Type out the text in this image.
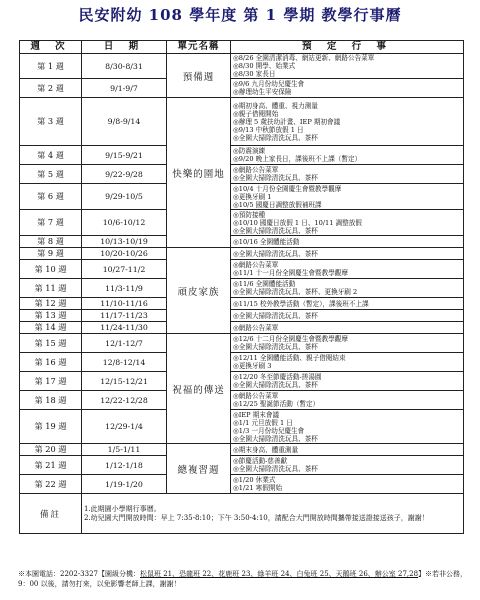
民安附幼 108 學年度 第 1 學期 教學行事曆
週 次	日 期	單元名稱	預 定 行 事
第 1 週	8/30-8/31	預備週	◎8/26 全園清潔消毒、網站更新、網路公告菜單
◎8/30 開學、始業式
◎8/30 家長日

第 2 週	9/1-9/7		◎9/6 九月份幼兒慶生會
◎辦理幼生平安保險

第 3 週	9/8-9/14	快樂的園地	◎期初身高、體重、視力測量
◎親子借閱開始
◎辦理 5 歲扶幼計畫、IEP 期初會議
◎9/13 中秋節放假 1 日
◎全園大掃除清洗玩具、茶杯

第 4 週	9/15-9/21		◎防震演練
◎9/20 晚上家長日，課後班不上課（暫定）

第 5 週	9/22-9/28		◎網路公告菜單
◎全園大掃除清洗玩具、茶杯

第 6 週	9/29-10/5		◎10/4 十月份全園慶生會暨教學觀摩
◎更換牙刷 1
◎10/5 國慶日調整放假補班課

第 7 週	10/6-10/12		◎預防接種
◎10/10 國慶日放假 1 日、10/11 調整放假
◎全園大掃除清洗玩具、茶杯

第 8 週	10/13-10/19		◎10/16 全園體能活動

第 9 週	10/20-10/26	頑皮家族	◎全園大掃除清洗玩具、茶杯

第 10 週	10/27-11/2		◎網路公告菜單
◎11/1 十一月份全園慶生會暨教學觀摩

第 11 週	11/3-11/9		◎11/6 全園體能活動
◎全園大掃除清洗玩具、茶杯、更換牙刷 2

第 12 週	11/10-11/16		◎11/15 校外教學活動（暫定），課後班不上課

第 13 週	11/17-11/23		◎全園大掃除清洗玩具、茶杯

第 14 週	11/24-11/30		◎網路公告菜單

第 15 週	12/1-12/7	祝福的傳送	◎12/6 十二月份全園慶生會暨教學觀摩
◎全園大掃除清洗玩具、茶杯

第 16 週	12/8-12/14		◎12/11 全園體能活動、親子借閱結束
◎更換牙刷 3

第 17 週	12/15-12/21		◎12/20 冬至節慶活動-搓湯圓
◎全園大掃除清洗玩具、茶杯

第 18 週	12/22-12/28		◎網路公告菜單
◎12/25 聖誕節活動（暫定）

第 19 週	12/29-1/4		◎IEP 期末會議
◎1/1 元旦放假 1 日
◎1/3 一月份幼兒慶生會
◎全園大掃除清洗玩具、茶杯

第 20 週	1/5-1/11	總複習週	◎期末身高、體重測量

第 21 週	1/12-1/18		◎節慶活動-慈善獻
◎全園大掃除清洗玩具、茶杯

第 22 週	1/19-1/20		◎1/20 休業式
◎1/21 寒假開始

備註	1.此期園小學期行事曆。
2.幼兒園大門開放時間：早上 7:35-8:10；下午 3:50-4:10，請配合大門開放時間攜帶接送證接送孩子，謝謝！		
※本園電話：2202-3327【園級分機：松鼠班 21、恐龍班 22、花鹿班 23、綠羊班 24、白兔班 25、天鵝班 26、辦公室 27,28】※若非公務，9：00 以後，請勿打來，以免影響老師上課，謝謝！
